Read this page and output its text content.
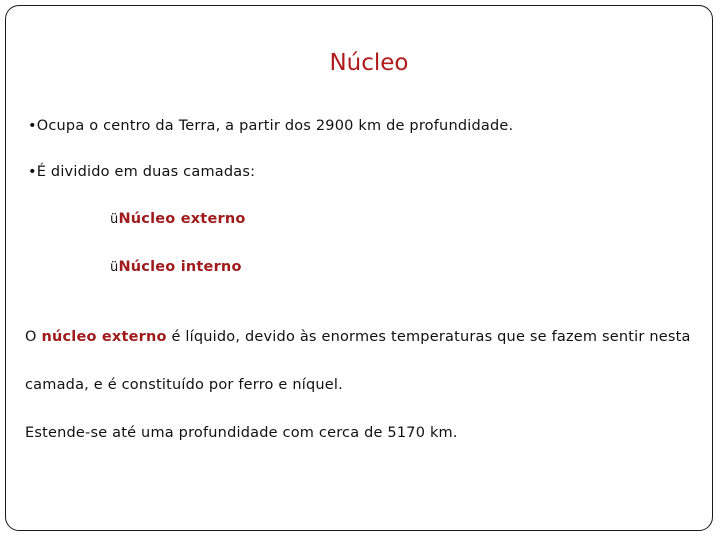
Núcleo
•Ocupa o centro da Terra, a partir dos 2900 km de profundidade.
•É dividido em duas camadas:
üNúcleo externo
üNúcleo interno
O núcleo externo é líquido, devido às enormes temperaturas que se fazem sentir nesta
camada, e é constituído por ferro e níquel.
Estende-se até uma profundidade com cerca de 5170 km.
